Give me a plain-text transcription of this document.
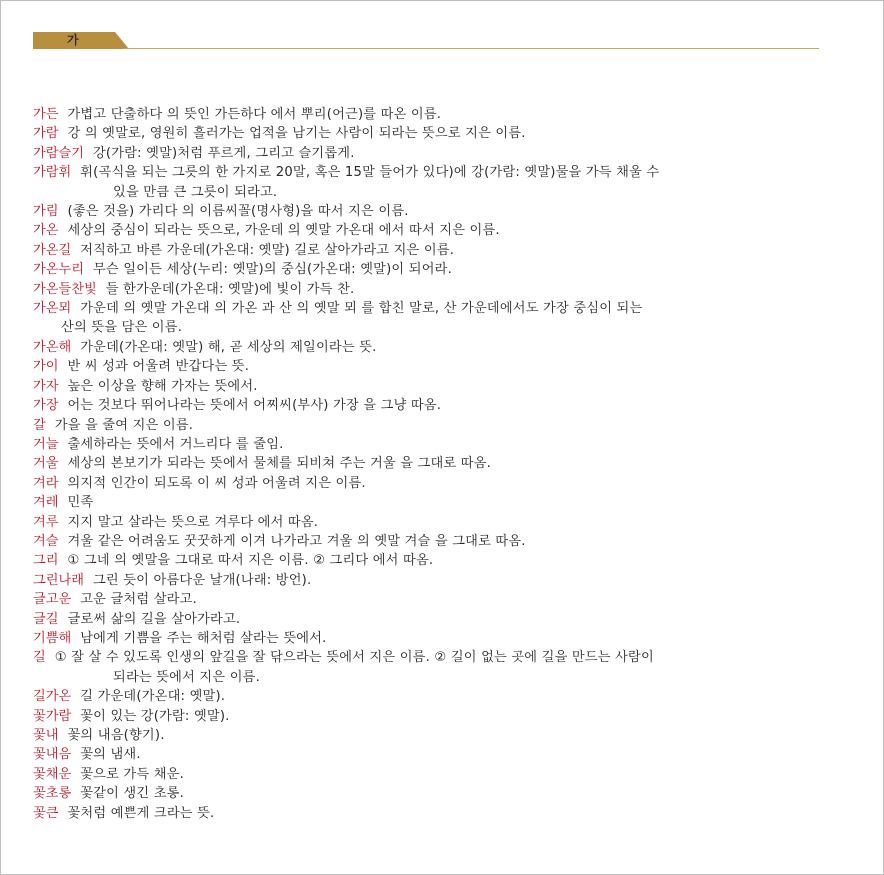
가
가든 가볍고 단출하다 의 뜻인 가든하다 에서 뿌리(어근)를 따온 이름.
가람 강 의 옛말로, 영원히 흘러가는 업적을 남기는 사람이 되라는 뜻으로 지은 이름.
가람슬기 강(가람: 옛말)처럼 푸르게, 그리고 슬기롭게.
가람휘 휘(곡식을 되는 그릇의 한 가지로 20말, 혹은 15말 들어가 있다)에 강(가람: 옛말)물을 가득 채울 수
있을 만큼 큰 그릇이 되라고.
가림 (좋은 것을) 가리다 의 이름씨꼴(명사형)을 따서 지은 이름.
가온 세상의 중심이 되라는 뜻으로, 가운데 의 옛말 가온대 에서 따서 지은 이름.
가온길 저직하고 바른 가운데(가온대: 옛말) 길로 살아가라고 지은 이름.
가온누리 무슨 일이든 세상(누리: 옛말)의 중심(가온대: 옛말)이 되어라.
가온들찬빛 들 한가운데(가온대: 옛말)에 빛이 가득 찬.
가온뫼 가운데 의 옛말 가온대 의 가온 과 산 의 옛말 뫼 를 합친 말로, 산 가운데에서도 가장 중심이 되는
산의 뜻을 담은 이름.
가온해 가운데(가온대: 옛말) 해, 곧 세상의 제일이라는 뜻.
가이 반 씨 성과 어울려 반갑다는 뜻.
가자 높은 이상을 향해 가자는 뜻에서.
가장 어는 것보다 뛰어나라는 뜻에서 어찌씨(부사) 가장 을 그냥 따옴.
갈 가을 을 줄여 지은 이름.
거늘 출세하라는 뜻에서 거느리다 를 줄임.
거울 세상의 본보기가 되라는 뜻에서 물체를 되비쳐 주는 거울 을 그대로 따옴.
겨라 의지적 인간이 되도록 이 씨 성과 어울려 지은 이름.
겨레 민족
겨루 지지 말고 살라는 뜻으로 겨루다 에서 따옴.
겨슬 겨울 같은 어려움도 꿋꿋하게 이겨 나가라고 겨울 의 옛말 겨슬 을 그대로 따옴.
그리 ① 그네 의 옛말을 그대로 따서 지은 이름. ② 그리다 에서 따옴.
그린나래 그린 듯이 아름다운 날개(나래: 방언).
글고운 고운 글처럼 살라고.
글길 글로써 삶의 길을 살아가라고.
기쁨해 남에게 기쁨을 주는 해처럼 살라는 뜻에서.
길 ① 잘 살 수 있도록 인생의 앞길을 잘 닦으라는 뜻에서 지은 이름. ② 길이 없는 곳에 길을 만드는 사람이
되라는 뜻에서 지은 이름.
길가온 길 가운데(가온대: 옛말).
꽃가람 꽃이 있는 강(가람: 옛말).
꽃내 꽃의 내음(향기).
꽃내음 꽃의 냄새.
꽃채운 꽃으로 가득 채운.
꽃초롱 꽃같이 생긴 초롱.
꽃큰 꽃처럼 예쁜게 크라는 뜻.
